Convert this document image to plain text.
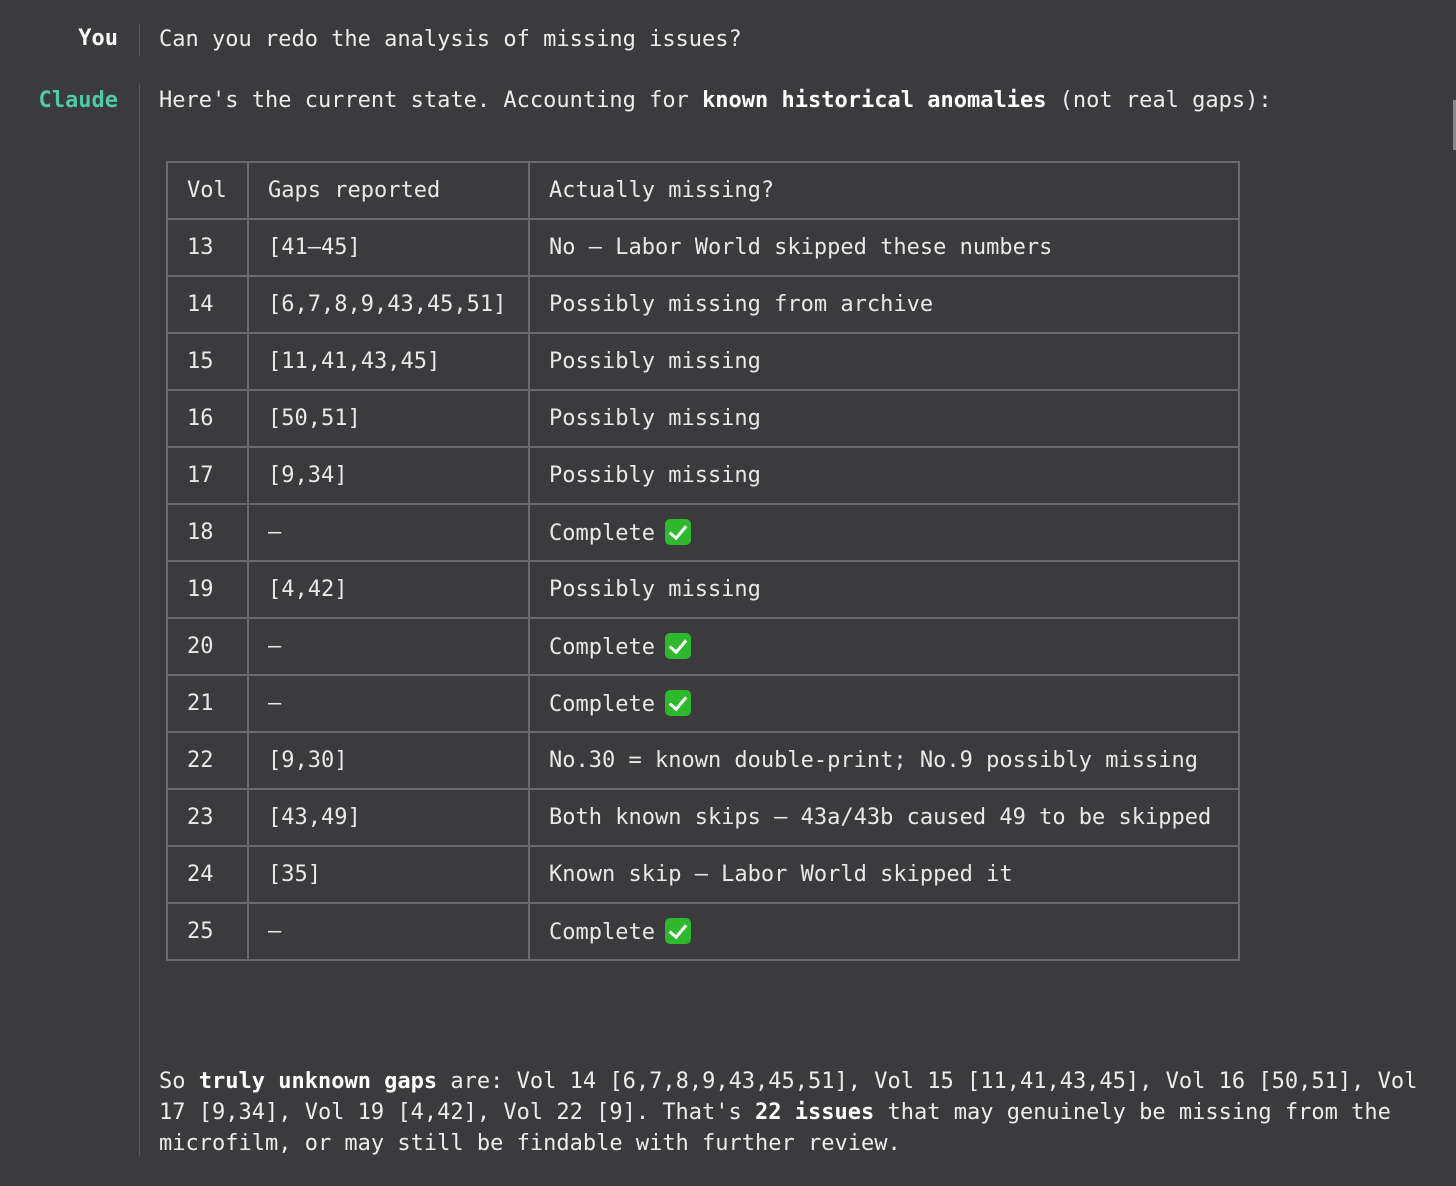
You Can you redo the analysis of missing issues?
Claude Here's the current state. Accounting for known historical anomalies (not real gaps):
Vol	Gaps reported	Actually missing?
13	[41–45]	No — Labor World skipped these numbers
14	[6,7,8,9,43,45,51]	Possibly missing from archive
15	[11,41,43,45]	Possibly missing
16	[50,51]	Possibly missing
17	[9,34]	Possibly missing
18	—	Complete
19	[4,42]	Possibly missing
20	—	Complete
21	—	Complete
22	[9,30]	No.30 = known double-print; No.9 possibly missing
23	[43,49]	Both known skips — 43a/43b caused 49 to be skipped
24	[35]	Known skip — Labor World skipped it
25	—	Complete
So truly unknown gaps are: Vol 14 [6,7,8,9,43,45,51], Vol 15 [11,41,43,45], Vol 16 [50,51], Vol 17 [9,34], Vol 19 [4,42], Vol 22 [9]. That's 22 issues that may genuinely be missing from the microfilm, or may still be findable with further review.
